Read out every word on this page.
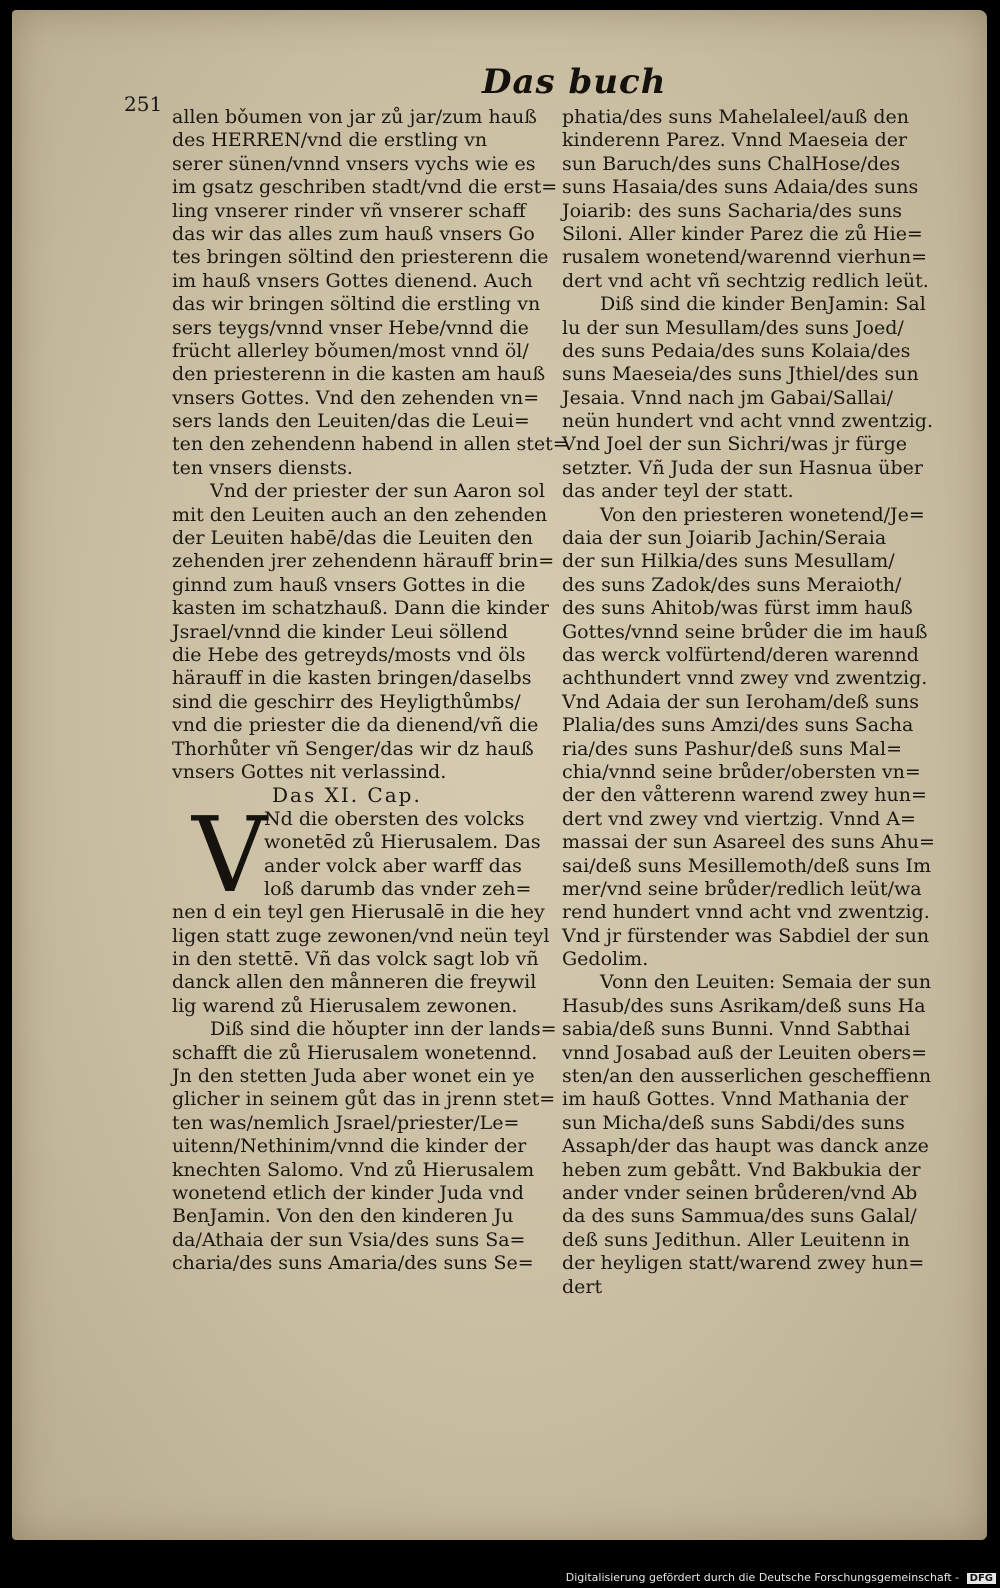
251
Das buch
allen bǒumen von jar zů jar/zum hauß
des HERREN/vnd die erstling vn
serer sünen/vnnd vnsers vychs wie es
im gsatz geschriben stadt/vnd die erst=
ling vnserer rinder vñ vnserer schaff
das wir das alles zum hauß vnsers Go
tes bringen söltind den priesterenn die
im hauß vnsers Gottes dienend. Auch
das wir bringen söltind die erstling vn
sers teygs/vnnd vnser Hebe/vnnd die
frücht allerley bǒumen/most vnnd öl/
den priesterenn in die kasten am hauß
vnsers Gottes. Vnd den zehenden vn=
sers lands den Leuiten/das die Leui=
ten den zehendenn habend in allen stet=
ten vnsers diensts.
Vnd der priester der sun Aaron sol
mit den Leuiten auch an den zehenden
der Leuiten habē/das die Leuiten den
zehenden jrer zehendenn härauff brin=
ginnd zum hauß vnsers Gottes in die
kasten im schatzhauß. Dann die kinder
Jsrael/vnnd die kinder Leui söllend
die Hebe des getreyds/mosts vnd öls
härauff in die kasten bringen/daselbs
sind die geschirr des Heyligthůmbs/
vnd die priester die da dienend/vñ die
Thorhůter vñ Senger/das wir dz hauß
vnsers Gottes nit verlassind.
Das XI. Cap.
V
Nd die obersten des volcks
wonetēd zů Hierusalem. Das
ander volck aber warff das
loß darumb das vnder zeh=
nen d ein teyl gen Hierusalē in die hey
ligen statt zuge zewonen/vnd neün teyl
in den stettē. Vñ das volck sagt lob vñ
danck allen den månneren die freywil
lig warend zů Hierusalem zewonen.
Diß sind die hǒupter inn der lands=
schafft die zů Hierusalem wonetennd.
Jn den stetten Juda aber wonet ein ye
glicher in seinem gůt das in jrenn stet=
ten was/nemlich Jsrael/priester/Le=
uitenn/Nethinim/vnnd die kinder der
knechten Salomo. Vnd zů Hierusalem
wonetend etlich der kinder Juda vnd
BenJamin. Von den den kinderen Ju
da/Athaia der sun Vsia/des suns Sa=
charia/des suns Amaria/des suns Se=
phatia/des suns Mahelaleel/auß den
kinderenn Parez. Vnnd Maeseia der
sun Baruch/des suns ChalHose/des
suns Hasaia/des suns Adaia/des suns
Joiarib: des suns Sacharia/des suns
Siloni. Aller kinder Parez die zů Hie=
rusalem wonetend/warennd vierhun=
dert vnd acht vñ sechtzig redlich leüt.
Diß sind die kinder BenJamin: Sal
lu der sun Mesullam/des suns Joed/
des suns Pedaia/des suns Kolaia/des
suns Maeseia/des suns Jthiel/des sun
Jesaia. Vnnd nach jm Gabai/Sallai/
neün hundert vnd acht vnnd zwentzig.
Vnd Joel der sun Sichri/was jr fürge
setzter. Vñ Juda der sun Hasnua über
das ander teyl der statt.
Von den priesteren wonetend/Je=
daia der sun Joiarib Jachin/Seraia
der sun Hilkia/des suns Mesullam/
des suns Zadok/des suns Meraioth/
des suns Ahitob/was fürst imm hauß
Gottes/vnnd seine brůder die im hauß
das werck volfürtend/deren warennd
achthundert vnnd zwey vnd zwentzig.
Vnd Adaia der sun Ieroham/deß suns
Plalia/des suns Amzi/des suns Sacha
ria/des suns Pashur/deß suns Mal=
chia/vnnd seine brůder/obersten vn=
der den våtterenn warend zwey hun=
dert vnd zwey vnd viertzig. Vnnd A=
massai der sun Asareel des suns Ahu=
sai/deß suns Mesillemoth/deß suns Im
mer/vnd seine brůder/redlich leüt/wa
rend hundert vnnd acht vnd zwentzig.
Vnd jr fürstender was Sabdiel der sun
Gedolim.
Vonn den Leuiten: Semaia der sun
Hasub/des suns Asrikam/deß suns Ha
sabia/deß suns Bunni. Vnnd Sabthai
vnnd Josabad auß der Leuiten obers=
sten/an den ausserlichen gescheffienn
im hauß Gottes. Vnnd Mathania der
sun Micha/deß suns Sabdi/des suns
Assaph/der das haupt was danck anze
heben zum gebått. Vnd Bakbukia der
ander vnder seinen brůderen/vnd Ab
da des suns Sammua/des suns Galal/
deß suns Jedithun. Aller Leuitenn in
der heyligen statt/warend zwey hun=
dert
Digitalisierung gefördert durch die Deutsche Forschungsgemeinschaft - DFG
